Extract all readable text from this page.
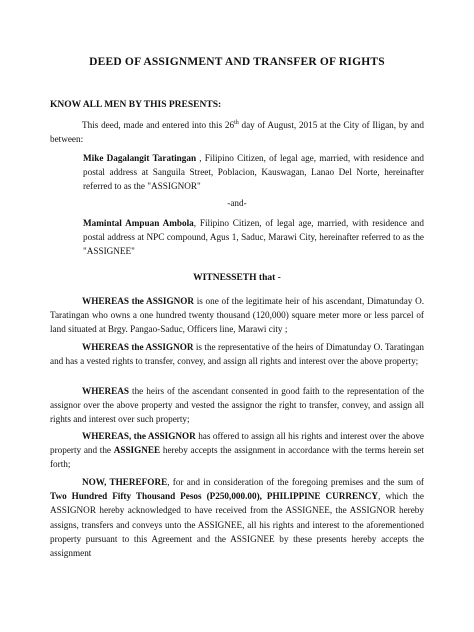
DEED OF ASSIGNMENT AND TRANSFER OF RIGHTS
KNOW ALL MEN BY THIS PRESENTS:
This deed, made and entered into this 26th day of August, 2015 at the City of Iligan, by and between:
Mike Dagalangit Taratingan , Filipino Citizen, of legal age, married, with residence and postal address at Sanguila Street, Poblacion, Kauswagan, Lanao Del Norte, hereinafter referred to as the "ASSIGNOR"
-and-
Mamintal Ampuan Ambola, Filipino Citizen, of legal age, married, with residence and postal address at NPC compound, Agus 1, Saduc, Marawi City, hereinafter referred to as the "ASSIGNEE"
WITNESSETH that -
WHEREAS the ASSIGNOR is one of the legitimate heir of his ascendant, Dimatunday O. Taratingan who owns a one hundred twenty thousand (120,000) square meter more or less parcel of land situated at Brgy. Pangao-Saduc, Officers line, Marawi city ;
WHEREAS the ASSIGNOR is the representative of the heirs of Dimatunday O. Taratingan and has a vested rights to transfer, convey, and assign all rights and interest over the above property;
WHEREAS the heirs of the ascendant consented in good faith to the representation of the assignor over the above property and vested the assignor the right to transfer, convey, and assign all rights and interest over such property;
WHEREAS, the ASSIGNOR has offered to assign all his rights and interest over the above property and the ASSIGNEE hereby accepts the assignment in accordance with the terms herein set forth;
NOW, THEREFORE, for and in consideration of the foregoing premises and the sum of Two Hundred Fifty Thousand Pesos (P250,000.00), PHILIPPINE CURRENCY, which the ASSIGNOR hereby acknowledged to have received from the ASSIGNEE, the ASSIGNOR hereby assigns, transfers and conveys unto the ASSIGNEE, all his rights and interest to the aforementioned property pursuant to this Agreement and the ASSIGNEE by these presents hereby accepts the assignment
